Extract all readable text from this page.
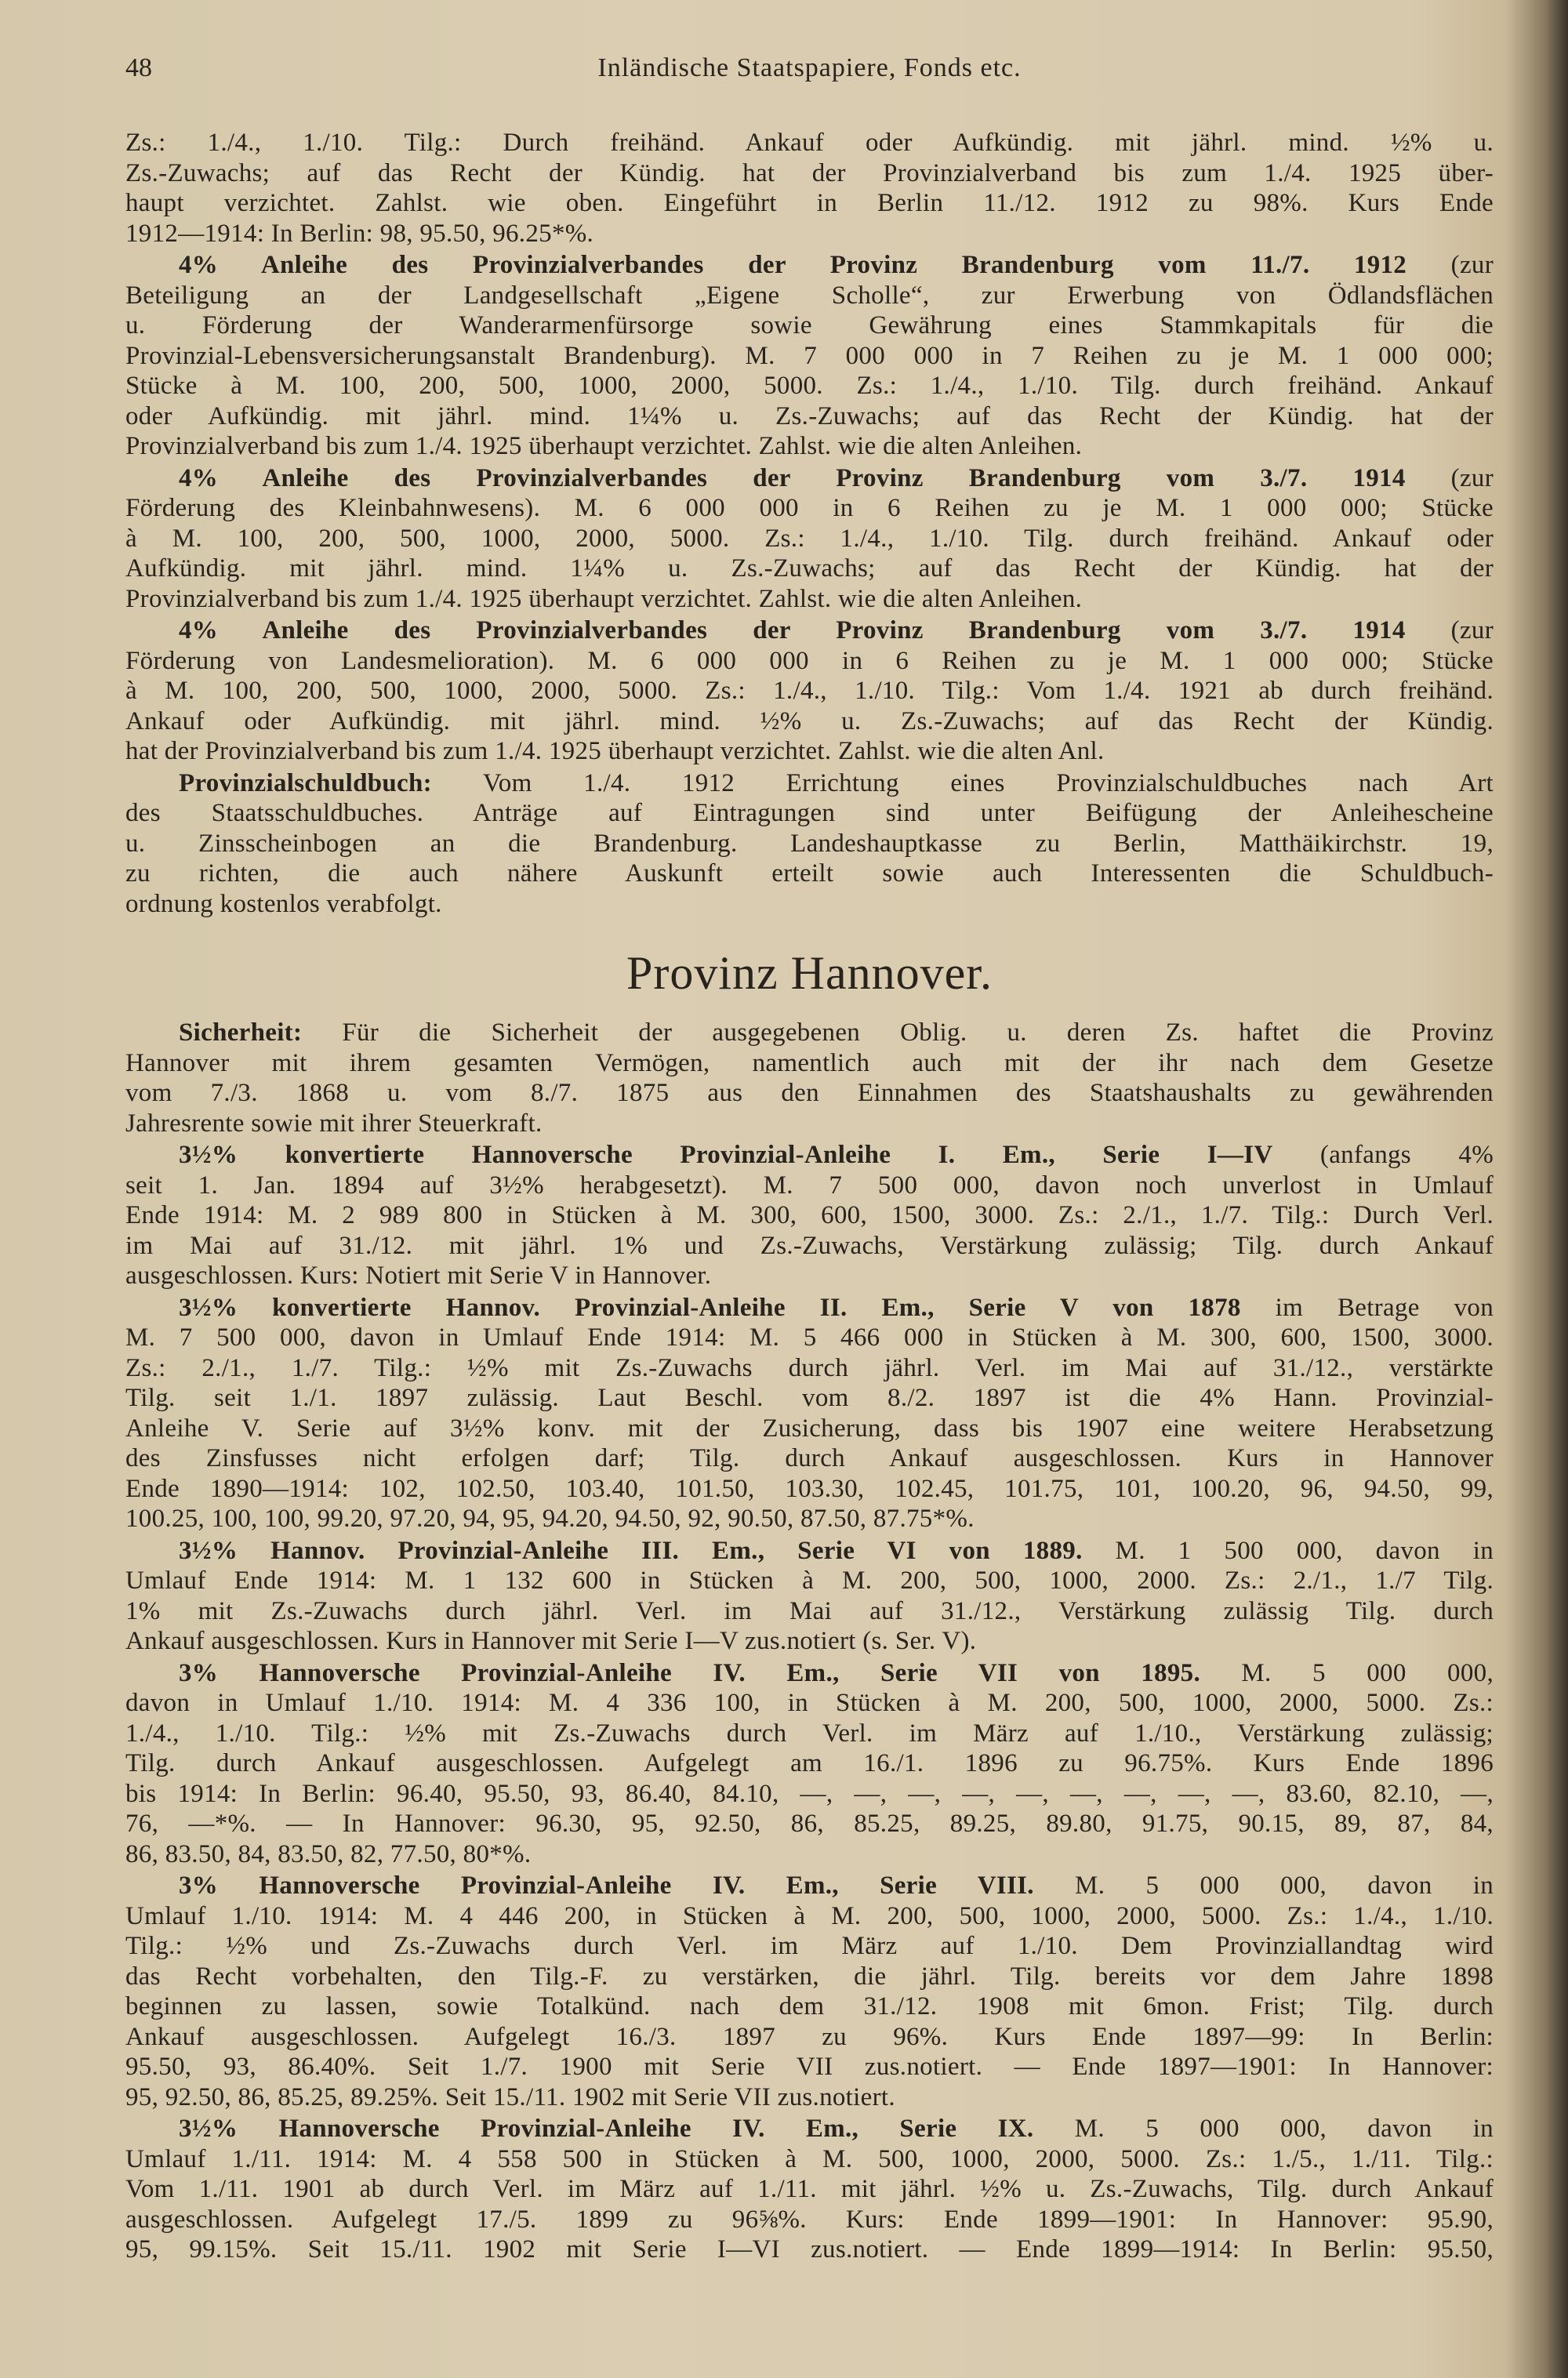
48	Inländische Staatspapiere, Fonds etc.
Zs.: 1./4., 1./10. Tilg.: Durch freihänd. Ankauf oder Aufkündig. mit jährl. mind. ½% u.
Zs.-Zuwachs; auf das Recht der Kündig. hat der Provinzialverband bis zum 1./4. 1925 über-
haupt verzichtet. Zahlst. wie oben. Eingeführt in Berlin 11./12. 1912 zu 98%. Kurs Ende
1912—1914: In Berlin: 98, 95.50, 96.25*%.
4% Anleihe des Provinzialverbandes der Provinz Brandenburg vom 11./7. 1912 (zur
Beteiligung an der Landgesellschaft „Eigene Scholle“, zur Erwerbung von Ödlandsflächen
u. Förderung der Wanderarmenfürsorge sowie Gewährung eines Stammkapitals für die
Provinzial-Lebensversicherungsanstalt Brandenburg). M. 7 000 000 in 7 Reihen zu je M. 1 000 000;
Stücke à M. 100, 200, 500, 1000, 2000, 5000. Zs.: 1./4., 1./10. Tilg. durch freihänd. Ankauf
oder Aufkündig. mit jährl. mind. 1¼% u. Zs.-Zuwachs; auf das Recht der Kündig. hat der
Provinzialverband bis zum 1./4. 1925 überhaupt verzichtet. Zahlst. wie die alten Anleihen.
4% Anleihe des Provinzialverbandes der Provinz Brandenburg vom 3./7. 1914 (zur
Förderung des Kleinbahnwesens). M. 6 000 000 in 6 Reihen zu je M. 1 000 000; Stücke
à M. 100, 200, 500, 1000, 2000, 5000. Zs.: 1./4., 1./10. Tilg. durch freihänd. Ankauf oder
Aufkündig. mit jährl. mind. 1¼% u. Zs.-Zuwachs; auf das Recht der Kündig. hat der
Provinzialverband bis zum 1./4. 1925 überhaupt verzichtet. Zahlst. wie die alten Anleihen.
4% Anleihe des Provinzialverbandes der Provinz Brandenburg vom 3./7. 1914 (zur
Förderung von Landesmelioration). M. 6 000 000 in 6 Reihen zu je M. 1 000 000; Stücke
à M. 100, 200, 500, 1000, 2000, 5000. Zs.: 1./4., 1./10. Tilg.: Vom 1./4. 1921 ab durch freihänd.
Ankauf oder Aufkündig. mit jährl. mind. ½% u. Zs.-Zuwachs; auf das Recht der Kündig.
hat der Provinzialverband bis zum 1./4. 1925 überhaupt verzichtet. Zahlst. wie die alten Anl.
Provinzialschuldbuch: Vom 1./4. 1912 Errichtung eines Provinzialschuldbuches nach Art
des Staatsschuldbuches. Anträge auf Eintragungen sind unter Beifügung der Anleihescheine
u. Zinsscheinbogen an die Brandenburg. Landeshauptkasse zu Berlin, Matthäikirchstr. 19,
zu richten, die auch nähere Auskunft erteilt sowie auch Interessenten die Schuldbuch-
ordnung kostenlos verabfolgt.
Provinz Hannover.
Sicherheit: Für die Sicherheit der ausgegebenen Oblig. u. deren Zs. haftet die Provinz
Hannover mit ihrem gesamten Vermögen, namentlich auch mit der ihr nach dem Gesetze
vom 7./3. 1868 u. vom 8./7. 1875 aus den Einnahmen des Staatshaushalts zu gewährenden
Jahresrente sowie mit ihrer Steuerkraft.
3½% konvertierte Hannoversche Provinzial-Anleihe I. Em., Serie I—IV (anfangs 4%
seit 1. Jan. 1894 auf 3½% herabgesetzt). M. 7 500 000, davon noch unverlost in Umlauf
Ende 1914: M. 2 989 800 in Stücken à M. 300, 600, 1500, 3000. Zs.: 2./1., 1./7. Tilg.: Durch Verl.
im Mai auf 31./12. mit jährl. 1% und Zs.-Zuwachs, Verstärkung zulässig; Tilg. durch Ankauf
ausgeschlossen. Kurs: Notiert mit Serie V in Hannover.
3½% konvertierte Hannov. Provinzial-Anleihe II. Em., Serie V von 1878 im Betrage von
M. 7 500 000, davon in Umlauf Ende 1914: M. 5 466 000 in Stücken à M. 300, 600, 1500, 3000.
Zs.: 2./1., 1./7. Tilg.: ½% mit Zs.-Zuwachs durch jährl. Verl. im Mai auf 31./12., verstärkte
Tilg. seit 1./1. 1897 zulässig. Laut Beschl. vom 8./2. 1897 ist die 4% Hann. Provinzial-
Anleihe V. Serie auf 3½% konv. mit der Zusicherung, dass bis 1907 eine weitere Herabsetzung
des Zinsfusses nicht erfolgen darf; Tilg. durch Ankauf ausgeschlossen. Kurs in Hannover
Ende 1890—1914: 102, 102.50, 103.40, 101.50, 103.30, 102.45, 101.75, 101, 100.20, 96, 94.50, 99,
100.25, 100, 100, 99.20, 97.20, 94, 95, 94.20, 94.50, 92, 90.50, 87.50, 87.75*%.
3½% Hannov. Provinzial-Anleihe III. Em., Serie VI von 1889. M. 1 500 000, davon in
Umlauf Ende 1914: M. 1 132 600 in Stücken à M. 200, 500, 1000, 2000. Zs.: 2./1., 1./7 Tilg.
1% mit Zs.-Zuwachs durch jährl. Verl. im Mai auf 31./12., Verstärkung zulässig Tilg. durch
Ankauf ausgeschlossen. Kurs in Hannover mit Serie I—V zus.notiert (s. Ser. V).
3% Hannoversche Provinzial-Anleihe IV. Em., Serie VII von 1895. M. 5 000 000,
davon in Umlauf 1./10. 1914: M. 4 336 100, in Stücken à M. 200, 500, 1000, 2000, 5000. Zs.:
1./4., 1./10. Tilg.: ½% mit Zs.-Zuwachs durch Verl. im März auf 1./10., Verstärkung zulässig;
Tilg. durch Ankauf ausgeschlossen. Aufgelegt am 16./1. 1896 zu 96.75%. Kurs Ende 1896
bis 1914: In Berlin: 96.40, 95.50, 93, 86.40, 84.10, —, —, —, —, —, —, —, —, —, 83.60, 82.10, —,
76, —*%. — In Hannover: 96.30, 95, 92.50, 86, 85.25, 89.25, 89.80, 91.75, 90.15, 89, 87, 84,
86, 83.50, 84, 83.50, 82, 77.50, 80*%.
3% Hannoversche Provinzial-Anleihe IV. Em., Serie VIII. M. 5 000 000, davon in
Umlauf 1./10. 1914: M. 4 446 200, in Stücken à M. 200, 500, 1000, 2000, 5000. Zs.: 1./4., 1./10.
Tilg.: ½% und Zs.-Zuwachs durch Verl. im März auf 1./10. Dem Provinziallandtag wird
das Recht vorbehalten, den Tilg.-F. zu verstärken, die jährl. Tilg. bereits vor dem Jahre 1898
beginnen zu lassen, sowie Totalkünd. nach dem 31./12. 1908 mit 6mon. Frist; Tilg. durch
Ankauf ausgeschlossen. Aufgelegt 16./3. 1897 zu 96%. Kurs Ende 1897—99: In Berlin:
95.50, 93, 86.40%. Seit 1./7. 1900 mit Serie VII zus.notiert. — Ende 1897—1901: In Hannover:
95, 92.50, 86, 85.25, 89.25%. Seit 15./11. 1902 mit Serie VII zus.notiert.
3½% Hannoversche Provinzial-Anleihe IV. Em., Serie IX. M. 5 000 000, davon in
Umlauf 1./11. 1914: M. 4 558 500 in Stücken à M. 500, 1000, 2000, 5000. Zs.: 1./5., 1./11. Tilg.:
Vom 1./11. 1901 ab durch Verl. im März auf 1./11. mit jährl. ½% u. Zs.-Zuwachs, Tilg. durch Ankauf
ausgeschlossen. Aufgelegt 17./5. 1899 zu 96⅝%. Kurs: Ende 1899—1901: In Hannover: 95.90,
95, 99.15%. Seit 15./11. 1902 mit Serie I—VI zus.notiert. — Ende 1899—1914: In Berlin: 95.50,
